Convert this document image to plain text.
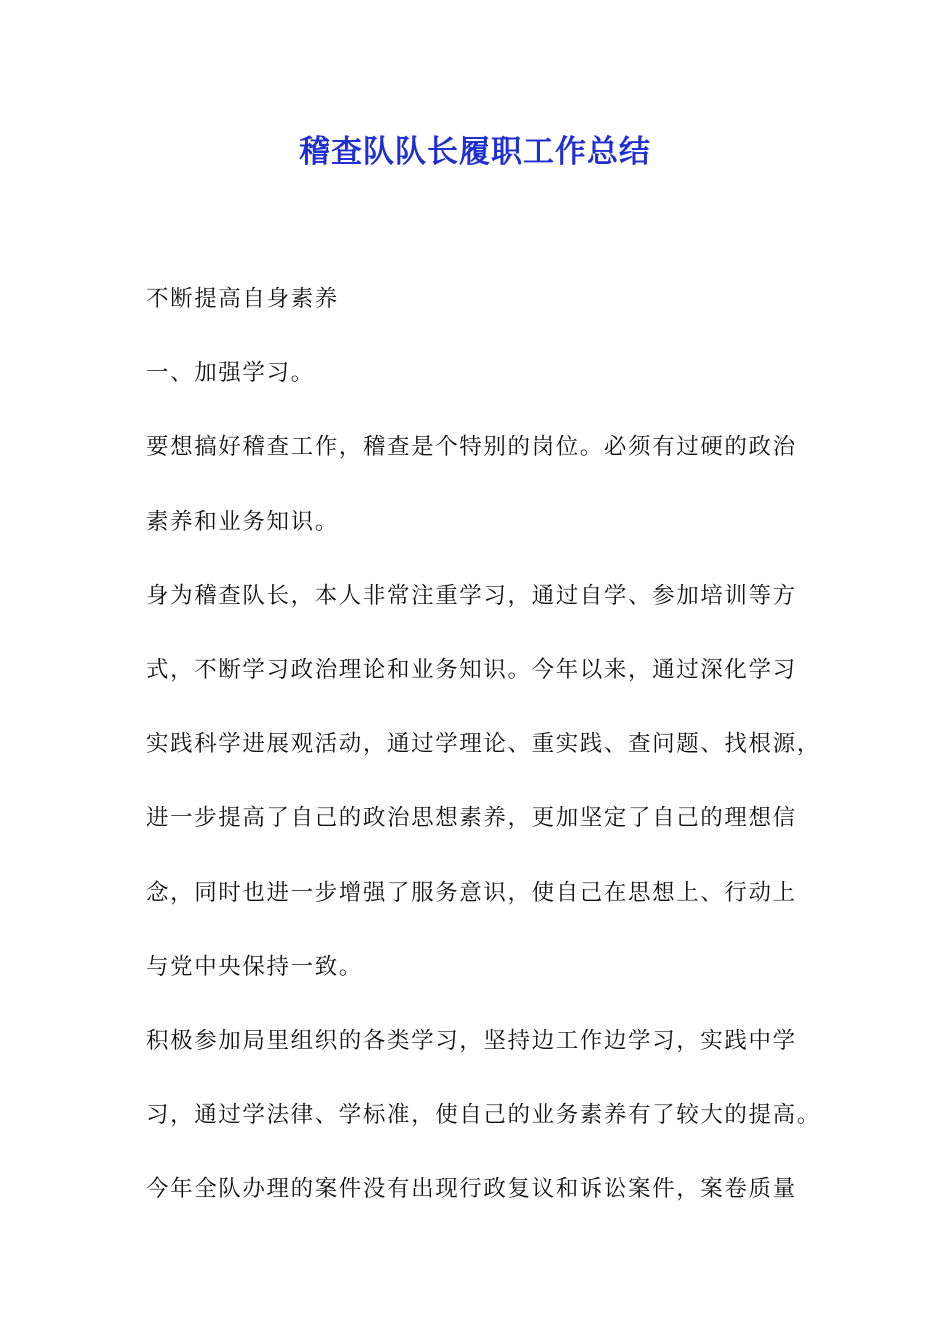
稽查队队长履职工作总结
不断提高自身素养
一、加强学习。
要想搞好稽查工作，稽查是个特别的岗位。必须有过硬的政治
素养和业务知识。
身为稽查队长，本人非常注重学习，通过自学、参加培训等方
式，不断学习政治理论和业务知识。今年以来，通过深化学习
实践科学进展观活动，通过学理论、重实践、查问题、找根源，
进一步提高了自己的政治思想素养，更加坚定了自己的理想信
念，同时也进一步增强了服务意识，使自己在思想上、行动上
与党中央保持一致。
积极参加局里组织的各类学习，坚持边工作边学习，实践中学
习，通过学法律、学标准，使自己的业务素养有了较大的提高。
今年全队办理的案件没有出现行政复议和诉讼案件，案卷质量
